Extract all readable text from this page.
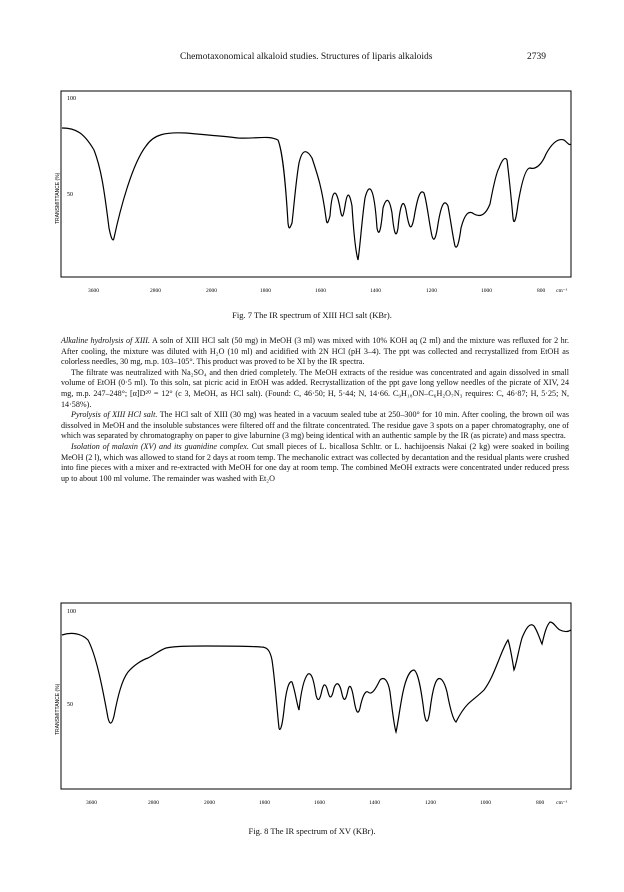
Chemotaxonomical alkaloid studies. Structures of liparis alkaloids	2739
100
50
TRANSMITTANCE (%)
3600	2800	2000	1800	1600	1400	1200	1000	800 cm⁻¹
Fig. 7 The IR spectrum of XIII HCl salt (KBr).

Alkaline hydrolysis of XIII. A soln of XIII HCl salt (50 mg) in MeOH (3 ml) was mixed with 10% KOH aq (2 ml) and the mixture was refluxed for 2 hr. After cooling, the mixture was diluted with H₂O (10 ml) and acidified with 2N HCl (pH 3–4). The ppt was collected and recrystallized from EtOH as colorless needles, 30 mg, m.p. 103–105°. This product was proved to be XI by the IR spectra.

The filtrate was neutralized with Na₂SO₄ and then dried completely. The MeOH extracts of the residue was concentrated and again dissolved in small volume of EtOH (0·5 ml). To this soln, sat picric acid in EtOH was added. Recrystallization of the ppt gave long yellow needles of the picrate of XIV, 24 mg, m.p. 247–248°; [α]D²⁰ = 12° (c 3, MeOH, as HCl salt). (Found: C, 46·50; H, 5·44; N, 14·66. C₉H₁₈ON–C₆H₂O₇N₃ requires: C, 46·87; H, 5·25; N, 14·58%).

Pyrolysis of XIII HCl salt. The HCl salt of XIII (30 mg) was heated in a vacuum sealed tube at 250–300° for 10 min. After cooling, the brown oil was dissolved in MeOH and the insoluble substances were filtered off and the filtrate concentrated. The residue gave 3 spots on a paper chromatography, one of which was separated by chromatography on paper to give laburnine (3 mg) being identical with an authentic sample by the IR (as picrate) and mass spectra.

Isolation of malaxin (XV) and its guanidine complex. Cut small pieces of L. bicallosa Schltr. or L. hachijoensis Nakai (2 kg) were soaked in boiling MeOH (2 l), which was allowed to stand for 2 days at room temp. The mechanolic extract was collected by decantation and the residual plants were crushed into fine pieces with a mixer and re-extracted with MeOH for one day at room temp. The combined MeOH extracts were concentrated under reduced press up to about 100 ml volume. The remainder was washed with Et₂O

100
50
TRANSMITTANCE (%)
3600	2800	2000	1800	1600	1400	1200	1000	800 cm⁻¹
Fig. 8 The IR spectrum of XV (KBr).
